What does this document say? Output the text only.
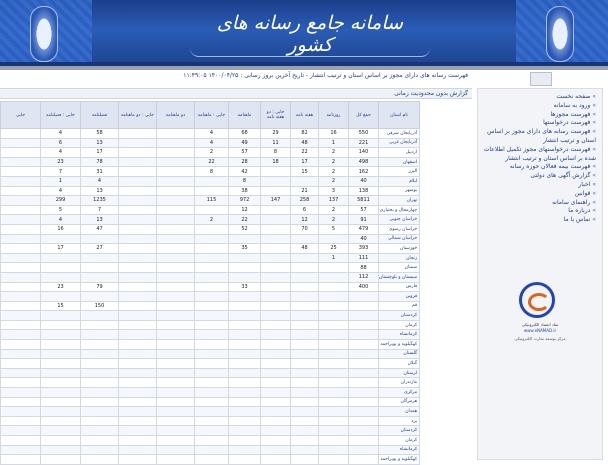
سامانه جامع رسانه های کشور
فهرست رسانه های دارای مجوز بر اساس استان و ترتیب انتشار - تاریخ آخرین بروز رسانی : ۱۴۰۰/۰۴/۲۵ ۱۱:۴۹:۰۵
گزارش بدون محدودیت زمانی
نام استان	جمع کل	روزنامه	هفته نامه	جایی : دو هفته نامه	ماهنامه	جایی : ماهنامه	دو ماهنامه	جایی : دو ماهنامه	فصلنامه	جایی : فصلنامه	جایی
آذربایجان شرقی	550	16	82	29	68	4			58	4	
آذربایجان غربی	221	1	48	11	49	4			13	6	
اردبیل	140	2	22	8	57	2			17	4	
اصفهان	498	2	17	18	28	22			78	23	
البرز	162	2	15		42	8			31	7	
ایلام	40	2			8				4	1	
بوشهر	138	3	21		38				13	4	
تهران	5811	137	258	147	972	115			1235	299	
چهارمحال و بختیاری	57	2	6		12				7	5	
خراسان جنوبی	91	2	12		22	2			13	4	
خراسان رضوی	479	5	70		52				47	16	
خراسان شمالی	40										
خوزستان	393	25	48		35				27	17	
زنجان	111	1									
سمنان	88										
سیستان و بلوچستان	112										
فارس	400				33				79	23	
قزوین											
قم									150	15	
کردستان											
کرمان											
کرمانشاه											
کهگیلویه و بویراحمد											
گلستان											
گیلان											
لرستان											
مازندران											
مرکزی											
هرمزگان											
همدان											
یزد											
کردستان											
کرمان											
کرمانشاه											
کهگیلویه و بویراحمد											
» صفحه نخست
» ورود به سامانه
» فهرست مجوزها
» فهرست درخواستها
» فهرست رسانه های دارای مجوز بر اساس استان و ترتیب انتشار
» فهرست درخواستهای مجوز تکمیل اطلاعات شده بر اساس استان و ترتیب انتشار
» فهرست بیمه فعالان حوزه رسانه
» گزارش آگهی های دولتی
» اخبار
» قوانین
» راهنمای سامانه
» درباره ما
» تماس با ما
نماد اعتماد الکترونیکی
www.eNAMAD.ir
مرکز توسعه تجارت الکترونیکی
